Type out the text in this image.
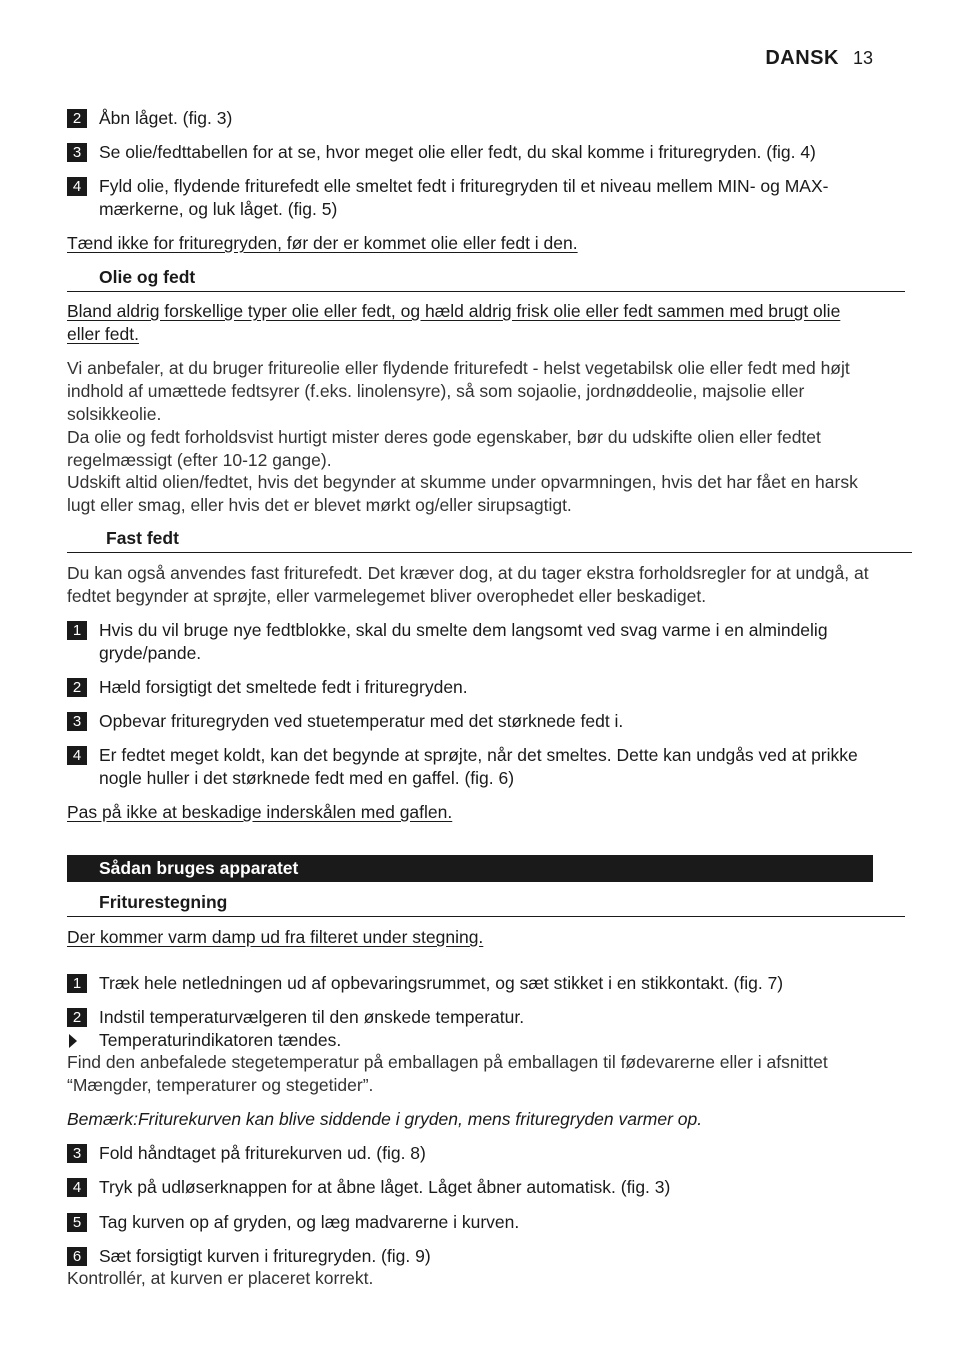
DANSK 13
2	Åbn låget. (fig. 3)
3	Se olie/fedttabellen for at se, hvor meget olie eller fedt, du skal komme i frituregryden. (fig. 4)
4	Fyld olie, flydende friturefedt elle smeltet fedt i frituregryden til et niveau mellem MIN- og MAX-mærkerne, og luk låget. (fig. 5)
Tænd ikke for frituregryden, før der er kommet olie eller fedt i den.
Olie og fedt
Bland aldrig forskellige typer olie eller fedt, og hæld aldrig frisk olie eller fedt sammen med brugt olie eller fedt.
Vi anbefaler, at du bruger fritureolie eller flydende friturefedt - helst vegetabilsk olie eller fedt med højt indhold af umættede fedtsyrer (f.eks. linolensyre), så som sojaolie, jordnøddeolie, majsolie eller solsikkeolie.
Da olie og fedt forholdsvist hurtigt mister deres gode egenskaber, bør du udskifte olien eller fedtet regelmæssigt (efter 10-12 gange).
Udskift altid olien/fedtet, hvis det begynder at skumme under opvarmningen, hvis det har fået en harsk lugt eller smag, eller hvis det er blevet mørkt og/eller sirupsagtigt.
Fast fedt
Du kan også anvendes fast friturefedt. Det kræver dog, at du tager ekstra forholdsregler for at undgå, at fedtet begynder at sprøjte, eller varmelegemet bliver overophedet eller beskadiget.
1	Hvis du vil bruge nye fedtblokke, skal du smelte dem langsomt ved svag varme i en almindelig gryde/pande.
2	Hæld forsigtigt det smeltede fedt i frituregryden.
3	Opbevar frituregryden ved stuetemperatur med det størknede fedt i.
4	Er fedtet meget koldt, kan det begynde at sprøjte, når det smeltes. Dette kan undgås ved at prikke nogle huller i det størknede fedt med en gaffel. (fig. 6)
Pas på ikke at beskadige inderskålen med gaflen.
Sådan bruges apparatet
Friturestegning
Der kommer varm damp ud fra filteret under stegning.
1	Træk hele netledningen ud af opbevaringsrummet, og sæt stikket i en stikkontakt. (fig. 7)
2	Indstil temperaturvælgeren til den ønskede temperatur.
Temperaturindikatoren tændes.
Find den anbefalede stegetemperatur på emballagen på emballagen til fødevarerne eller i afsnittet “Mængder, temperaturer og stegetider”.
Bemærk:Friturekurven kan blive siddende i gryden, mens frituregryden varmer op.
3	Fold håndtaget på friturekurven ud. (fig. 8)
4	Tryk på udløserknappen for at åbne låget. Låget åbner automatisk. (fig. 3)
5	Tag kurven op af gryden, og læg madvarerne i kurven.
6	Sæt forsigtigt kurven i frituregryden. (fig. 9)
Kontrollér, at kurven er placeret korrekt.
